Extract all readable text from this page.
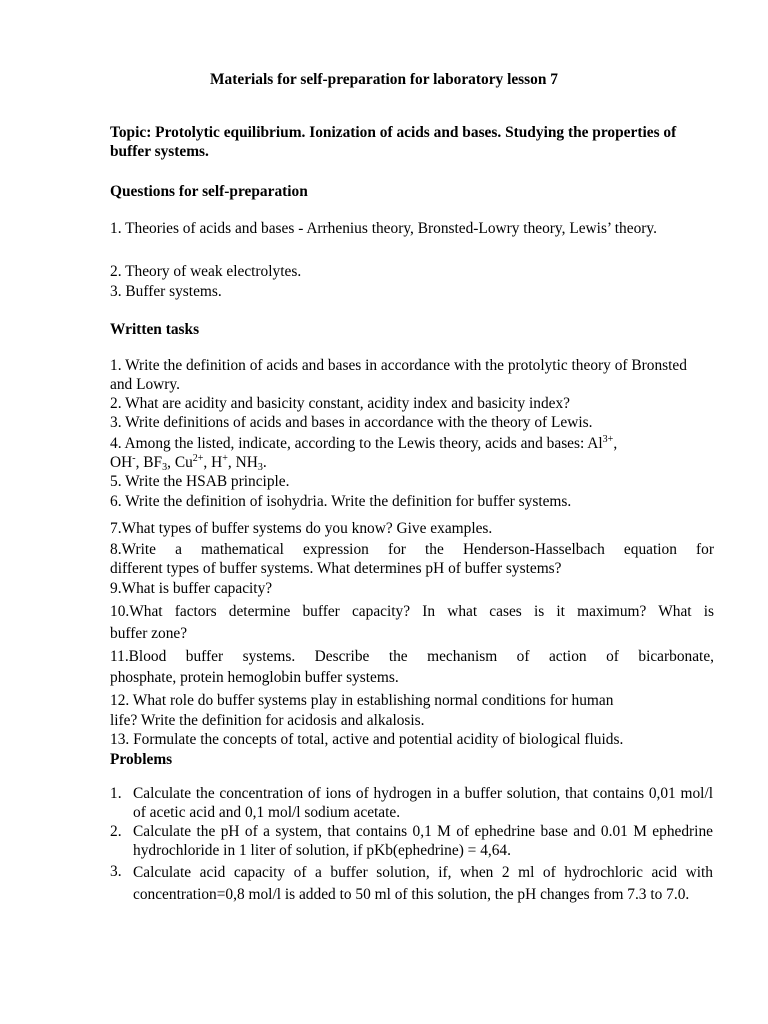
Materials for self-preparation for laboratory lesson 7

Topic: Protolytic equilibrium. Ionization of acids and bases. Studying the properties of buffer systems.

Questions for self-preparation

1. Theories of acids and bases - Arrhenius theory, Bronsted-Lowry theory, Lewis’ theory.

2. Theory of weak electrolytes.

3. Buffer systems.

Written tasks

1. Write the definition of acids and bases in accordance with the protolytic theory of Bronsted and Lowry.

2. What are acidity and basicity constant, acidity index and basicity index?

3. Write definitions of acids and bases in accordance with the theory of Lewis.

4. Among the listed, indicate, according to the Lewis theory, acids and bases: $Al^{3+}$,

OH-, $BF_3$, $Cu^{2+}$, H+, $NH_3$.

5. Write the HSAB principle.

6. Write the definition of isohydria. Write the definition for buffer systems.

7.What types of buffer systems do you know? Give examples.

8.Write a mathematical expression for the Henderson-Hasselbach equation for

different types of buffer systems. What determines pH of buffer systems?

9.What is buffer capacity?

10.What factors determine buffer capacity? In what cases is it maximum? What is

buffer zone?

11.Blood buffer systems. Describe the mechanism of action of bicarbonate,

phosphate, protein hemoglobin buffer systems.

12. What role do buffer systems play in establishing normal conditions for human

life? Write the definition for acidosis and alkalosis.

13. Formulate the concepts of total, active and potential acidity of biological fluids.

Problems

1. Calculate the concentration of ions of hydrogen in a buffer solution, that contains 0,01 mol/l of acetic acid and 0,1 mol/l sodium acetate.
2. Calculate the pH of a system, that contains 0,1 M of ephedrine base and 0.01 M ephedrine hydrochloride in 1 liter of solution, if pKb(ephedrine) = 4,64.
3. Calculate acid capacity of a buffer solution, if, when 2 ml of hydrochloric acid with concentration=0,8 mol/l is added to 50 ml of this solution, the pH changes from 7.3 to 7.0.
